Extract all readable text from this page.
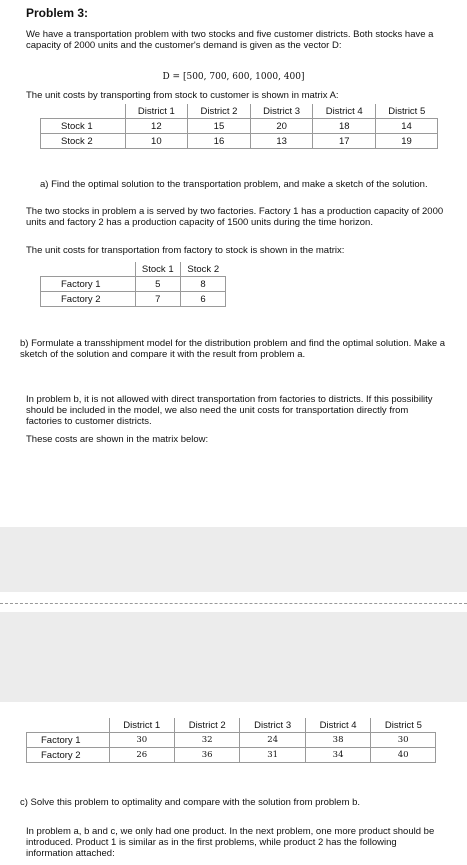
Problem 3:
We have a transportation problem with two stocks and five customer districts. Both stocks have a capacity of 2000 units and the customer's demand is given as the vector D:
D = [500, 700, 600, 1000, 400]
The unit costs by transporting from stock to customer is shown in matrix A:
	District 1	District 2	District 3	District 4	District 5
Stock 1	12	15	20	18	14
Stock 2	10	16	13	17	19
a) Find the optimal solution to the transportation problem, and make a sketch of the solution.
The two stocks in problem a is served by two factories. Factory 1 has a production capacity of 2000 units and factory 2 has a production capacity of 1500 units during the time horizon.
The unit costs for transportation from factory to stock is shown in the matrix:
	Stock 1	Stock 2
Factory 1	5	8
Factory 2	7	6
b) Formulate a transshipment model for the distribution problem and find the optimal solution. Make a sketch of the solution and compare it with the result from problem a.
In problem b, it is not allowed with direct transportation from factories to districts. If this possibility should be included in the model, we also need the unit costs for transportation directly from factories to customer districts.
These costs are shown in the matrix below:
	District 1	District 2	District 3	District 4	District 5
Factory 1	30	32	24	38	30
Factory 2	26	36	31	34	40
c) Solve this problem to optimality and compare with the solution from problem b.
In problem a, b and c, we only had one product. In the next problem, one more product should be introduced. Product 1 is similar as in the first problems, while product 2 has the following information attached:
